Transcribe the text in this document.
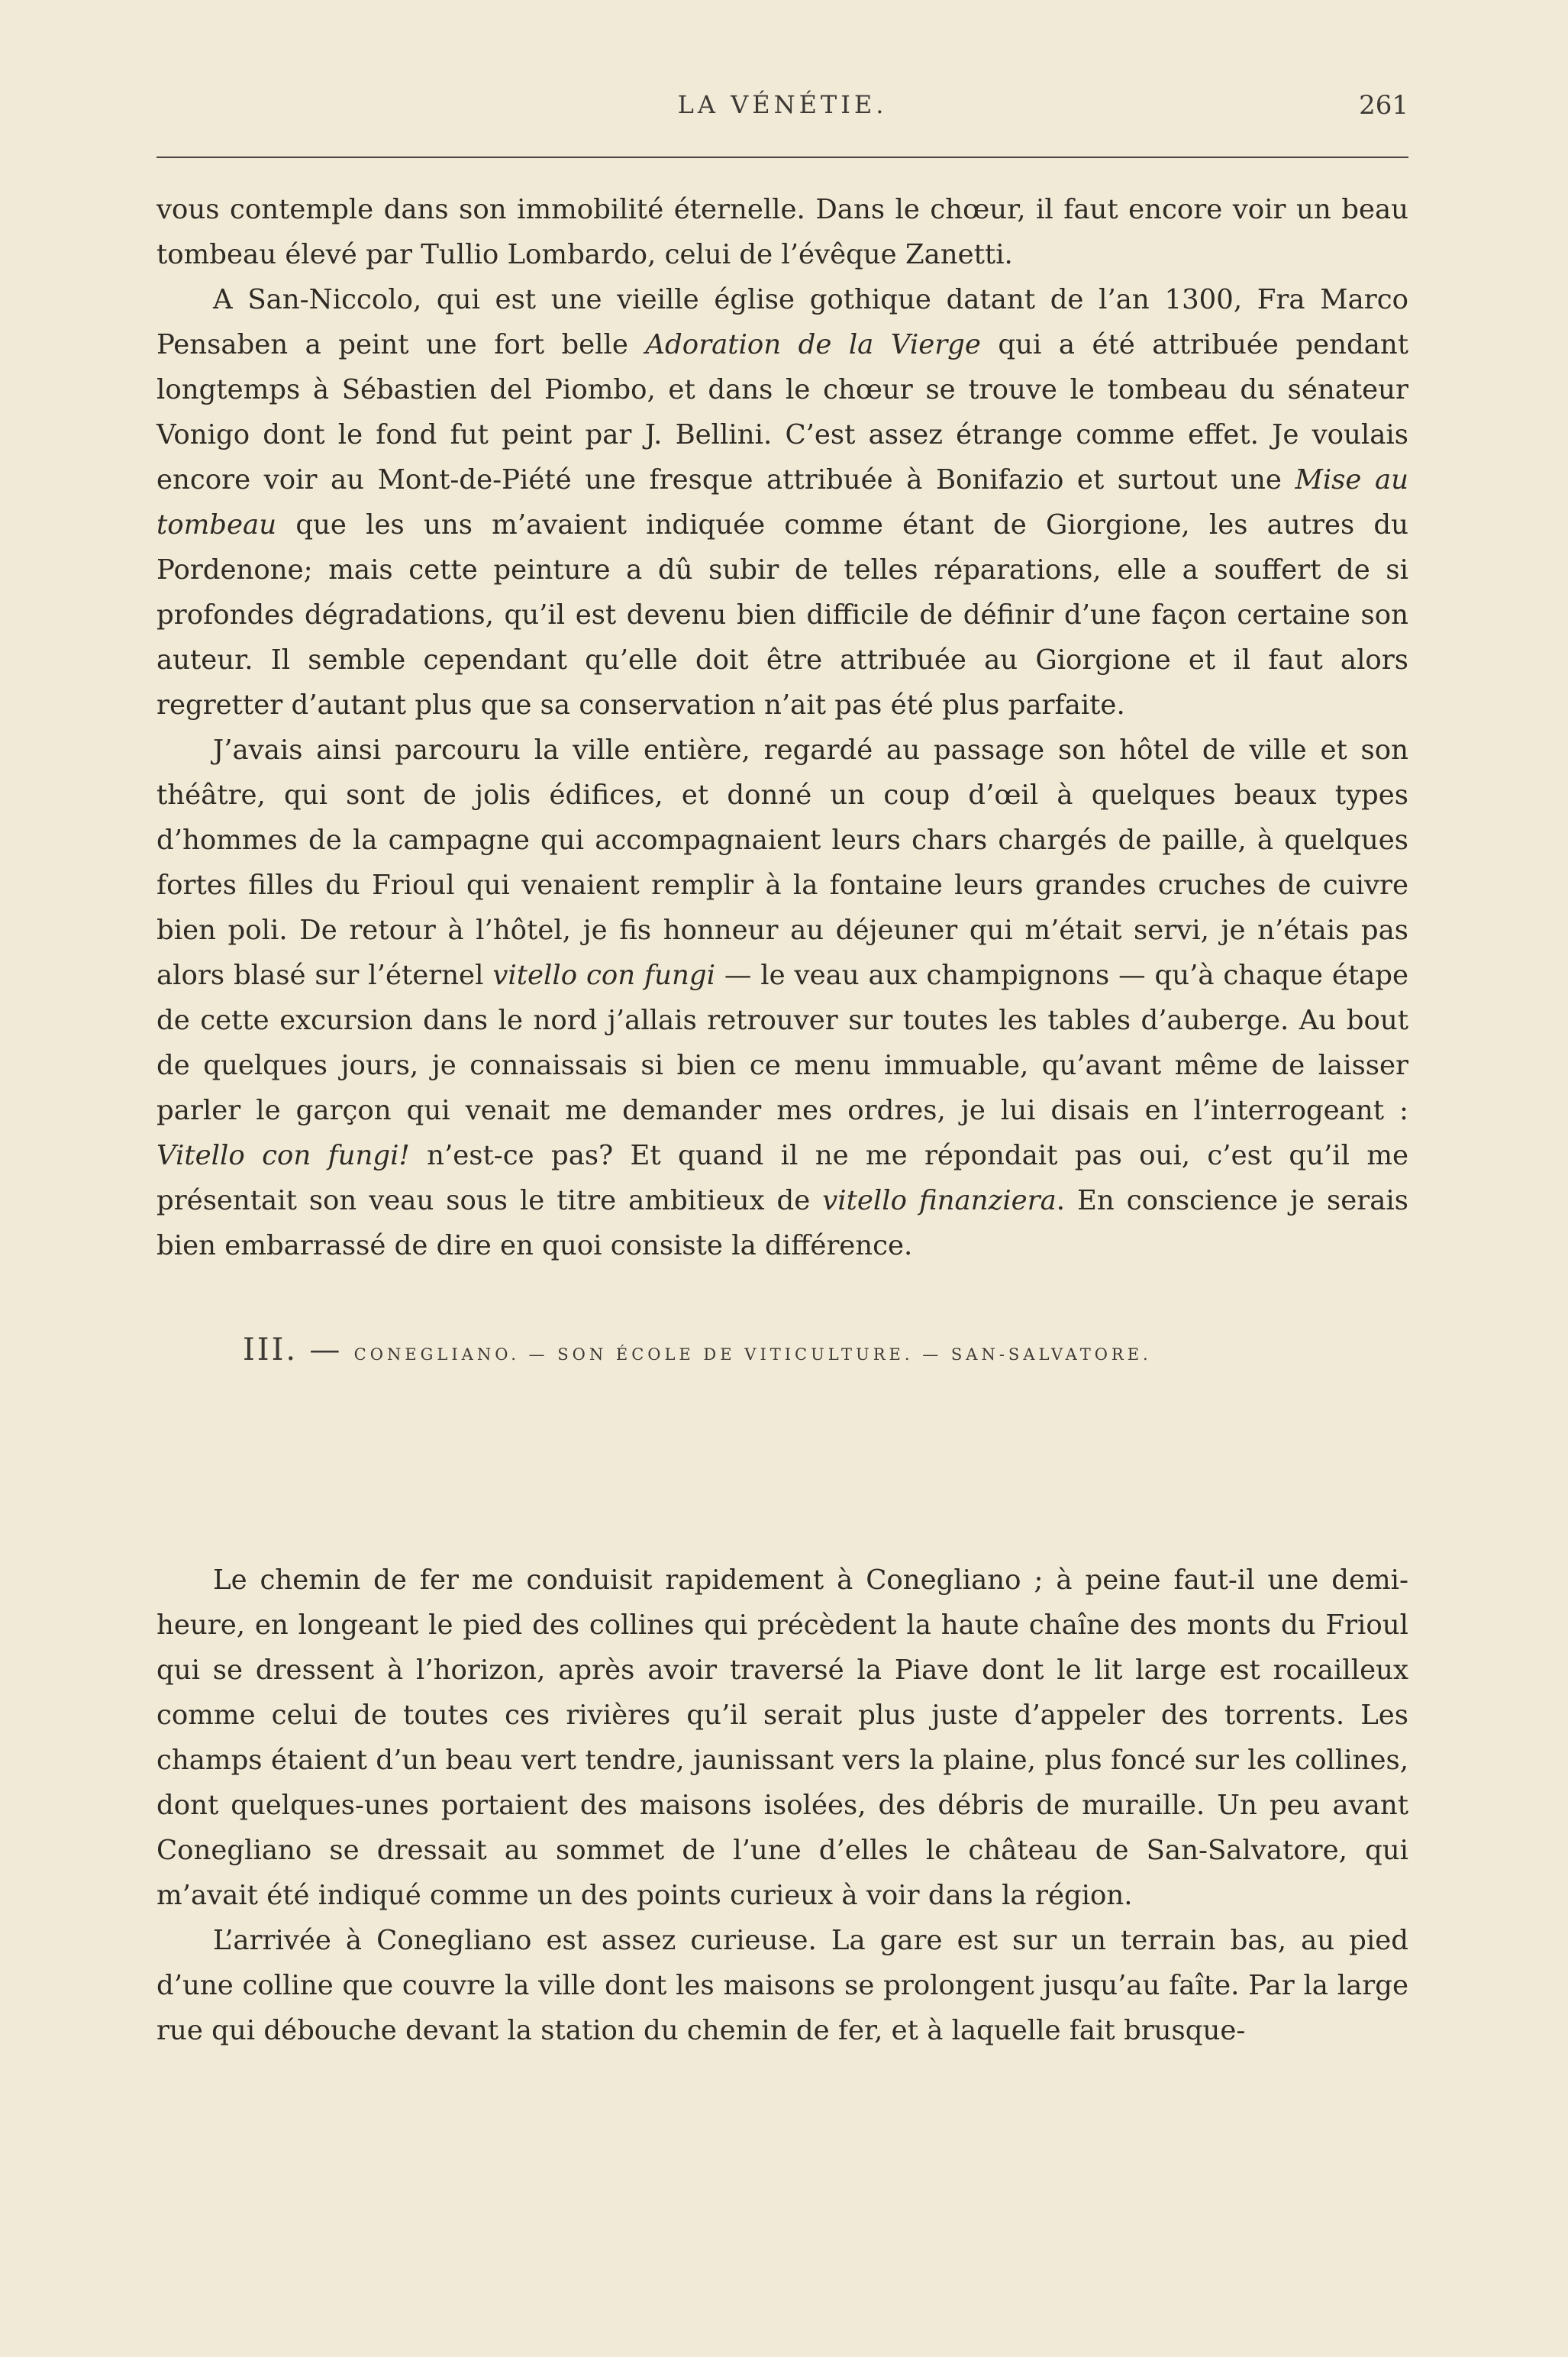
LA VÉNÉTIE.	261

vous contemple dans son immobilité éternelle. Dans le chœur, il faut encore voir un beau tombeau élevé par Tullio Lombardo, celui de l’évêque Zanetti.

A San-Niccolo, qui est une vieille église gothique datant de l’an 1300, Fra Marco Pensaben a peint une fort belle Adoration de la Vierge qui a été attribuée pendant longtemps à Sébastien del Piombo, et dans le chœur se trouve le tombeau du sénateur Vonigo dont le fond fut peint par J. Bellini. C’est assez étrange comme effet. Je voulais encore voir au Mont-de-Piété une fresque attribuée à Bonifazio et surtout une Mise au tombeau que les uns m’avaient indiquée comme étant de Giorgione, les autres du Pordenone; mais cette peinture a dû subir de telles réparations, elle a souffert de si profondes dégradations, qu’il est devenu bien difficile de définir d’une façon certaine son auteur. Il semble cependant qu’elle doit être attribuée au Giorgione et il faut alors regretter d’autant plus que sa conservation n’ait pas été plus parfaite.

J’avais ainsi parcouru la ville entière, regardé au passage son hôtel de ville et son théâtre, qui sont de jolis édifices, et donné un coup d’œil à quelques beaux types d’hommes de la campagne qui accompagnaient leurs chars chargés de paille, à quelques fortes filles du Frioul qui venaient remplir à la fontaine leurs grandes cruches de cuivre bien poli. De retour à l’hôtel, je fis honneur au déjeuner qui m’était servi, je n’étais pas alors blasé sur l’éternel vitello con fungi — le veau aux champignons — qu’à chaque étape de cette excursion dans le nord j’allais retrouver sur toutes les tables d’auberge. Au bout de quelques jours, je connaissais si bien ce menu immuable, qu’avant même de laisser parler le garçon qui venait me demander mes ordres, je lui disais en l’interrogeant : Vitello con fungi! n’est-ce pas? Et quand il ne me répondait pas oui, c’est qu’il me présentait son veau sous le titre ambitieux de vitello finanziera. En conscience je serais bien embarrassé de dire en quoi consiste la différence.

III. — CONEGLIANO. — SON ÉCOLE DE VITICULTURE. — SAN-SALVATORE.

Le chemin de fer me conduisit rapidement à Conegliano ; à peine faut-il une demi-heure, en longeant le pied des collines qui précèdent la haute chaîne des monts du Frioul qui se dressent à l’horizon, après avoir traversé la Piave dont le lit large est rocailleux comme celui de toutes ces rivières qu’il serait plus juste d’appeler des torrents. Les champs étaient d’un beau vert tendre, jaunissant vers la plaine, plus foncé sur les collines, dont quelques-unes portaient des maisons isolées, des débris de muraille. Un peu avant Conegliano se dressait au sommet de l’une d’elles le château de San-Salvatore, qui m’avait été indiqué comme un des points curieux à voir dans la région.

L’arrivée à Conegliano est assez curieuse. La gare est sur un terrain bas, au pied d’une colline que couvre la ville dont les maisons se prolongent jusqu’au faîte. Par la large rue qui débouche devant la station du chemin de fer, et à laquelle fait brusque-
